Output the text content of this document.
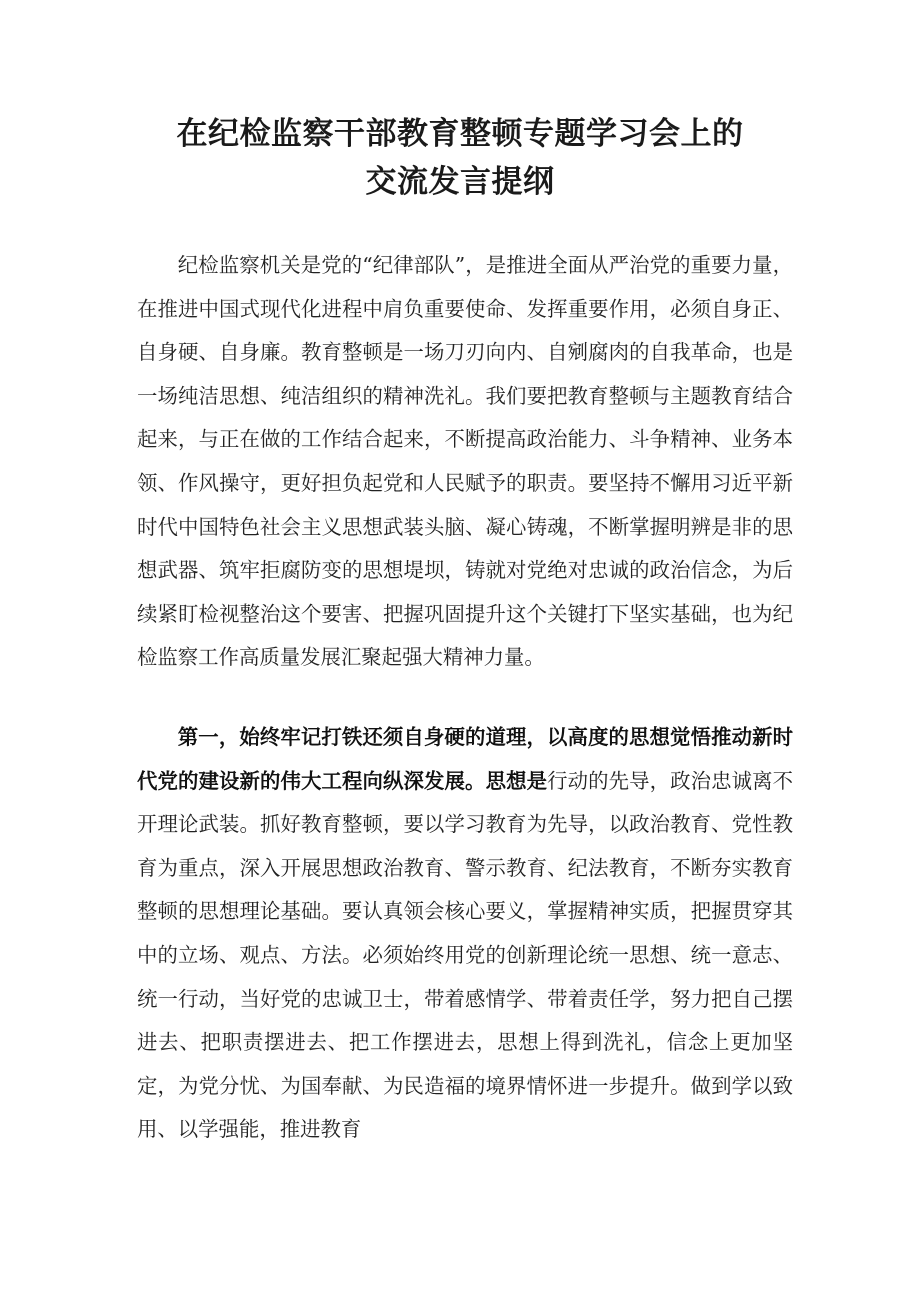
在纪检监察干部教育整顿专题学习会上的
交流发言提纲

纪检监察机关是党的“纪律部队”，是推进全面从严治党的重要力量，在推进中国式现代化进程中肩负重要使命、发挥重要作用，必须自身正、自身硬、自身廉。教育整顿是一场刀刃向内、自剜腐肉的自我革命，也是一场纯洁思想、纯洁组织的精神洗礼。我们要把教育整顿与主题教育结合起来，与正在做的工作结合起来，不断提高政治能力、斗争精神、业务本领、作风操守，更好担负起党和人民赋予的职责。要坚持不懈用习近平新时代中国特色社会主义思想武装头脑、凝心铸魂，不断掌握明辨是非的思想武器、筑牢拒腐防变的思想堤坝，铸就对党绝对忠诚的政治信念，为后续紧盯检视整治这个要害、把握巩固提升这个关键打下坚实基础，也为纪检监察工作高质量发展汇聚起强大精神力量。

第一，始终牢记打铁还须自身硬的道理，以高度的思想觉悟推动新时代党的建设新的伟大工程向纵深发展。思想是行动的先导，政治忠诚离不开理论武装。抓好教育整顿，要以学习教育为先导，以政治教育、党性教育为重点，深入开展思想政治教育、警示教育、纪法教育，不断夯实教育整顿的思想理论基础。要认真领会核心要义，掌握精神实质，把握贯穿其中的立场、观点、方法。必须始终用党的创新理论统一思想、统一意志、统一行动，当好党的忠诚卫士，带着感情学、带着责任学，努力把自己摆进去、把职责摆进去、把工作摆进去，思想上得到洗礼，信念上更加坚定，为党分忧、为国奉献、为民造福的境界情怀进一步提升。做到学以致用、以学强能，推进教育
